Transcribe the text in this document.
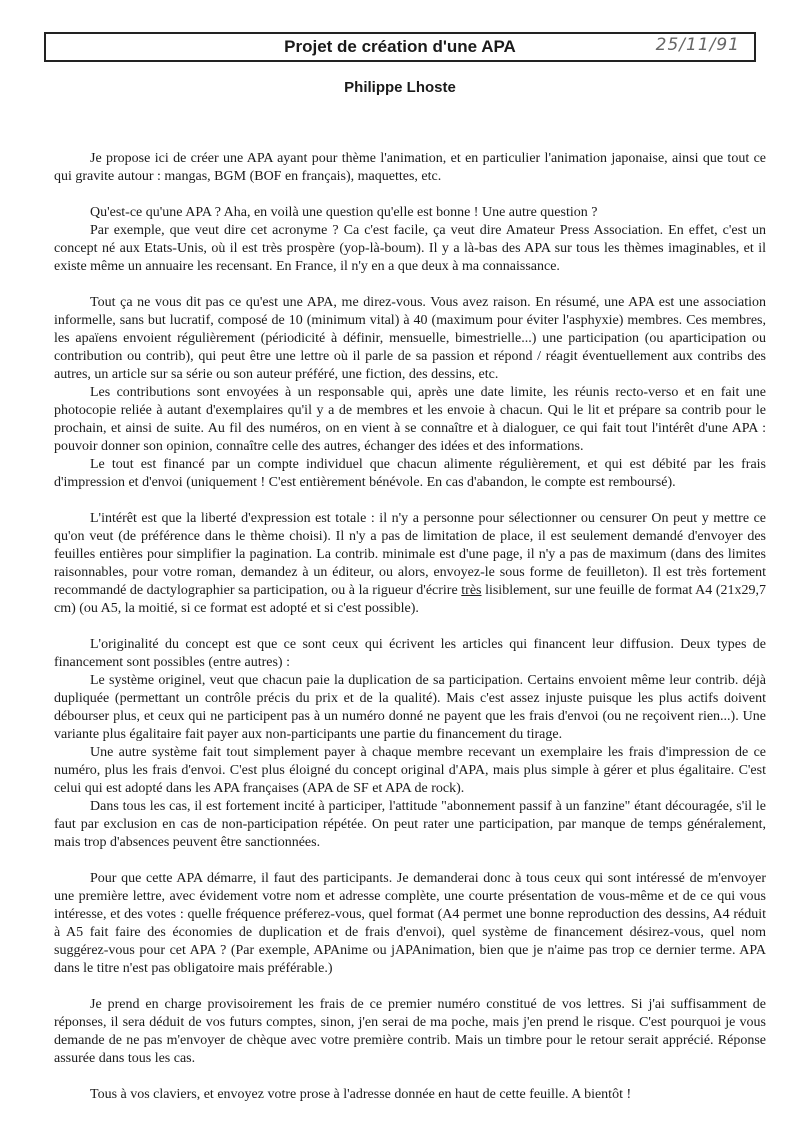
Projet de création d'une APA	25/11/91
Philippe Lhoste

Je propose ici de créer une APA ayant pour thème l'animation, et en particulier l'animation japonaise, ainsi que tout ce qui gravite autour : mangas, BGM (BOF en français), maquettes, etc.

Qu'est-ce qu'une APA ? Aha, en voilà une question qu'elle est bonne ! Une autre question ?

Par exemple, que veut dire cet acronyme ? Ca c'est facile, ça veut dire Amateur Press Association. En effet, c'est un concept né aux Etats-Unis, où il est très prospère (yop-là-boum). Il y a là-bas des APA sur tous les thèmes imaginables, et il existe même un annuaire les recensant. En France, il n'y en a que deux à ma connaissance.

Tout ça ne vous dit pas ce qu'est une APA, me direz-vous. Vous avez raison. En résumé, une APA est une association informelle, sans but lucratif, composé de 10 (minimum vital) à 40 (maximum pour éviter l'asphyxie) membres. Ces membres, les apaïens envoient régulièrement (périodicité à définir, mensuelle, bimestrielle...) une participation (ou aparticipation ou contribution ou contrib), qui peut être une lettre où il parle de sa passion et répond / réagit éventuellement aux contribs des autres, un article sur sa série ou son auteur préféré, une fiction, des dessins, etc.

Les contributions sont envoyées à un responsable qui, après une date limite, les réunis recto-verso et en fait une photocopie reliée à autant d'exemplaires qu'il y a de membres et les envoie à chacun. Qui le lit et prépare sa contrib pour le prochain, et ainsi de suite. Au fil des numéros, on en vient à se connaître et à dialoguer, ce qui fait tout l'intérêt d'une APA : pouvoir donner son opinion, connaître celle des autres, échanger des idées et des informations.

Le tout est financé par un compte individuel que chacun alimente régulièrement, et qui est débité par les frais d'impression et d'envoi (uniquement ! C'est entièrement bénévole. En cas d'abandon, le compte est remboursé).

L'intérêt est que la liberté d'expression est totale : il n'y a personne pour sélectionner ou censurer On peut y mettre ce qu'on veut (de préférence dans le thème choisi). Il n'y a pas de limitation de place, il est seulement demandé d'envoyer des feuilles entières pour simplifier la pagination. La contrib. minimale est d'une page, il n'y a pas de maximum (dans des limites raisonnables, pour votre roman, demandez à un éditeur, ou alors, envoyez-le sous forme de feuilleton). Il est très fortement recommandé de dactylographier sa participation, ou à la rigueur d'écrire très lisiblement, sur une feuille de format A4 (21x29,7 cm) (ou A5, la moitié, si ce format est adopté et si c'est possible).

L'originalité du concept est que ce sont ceux qui écrivent les articles qui financent leur diffusion. Deux types de financement sont possibles (entre autres) :

Le système originel, veut que chacun paie la duplication de sa participation. Certains envoient même leur contrib. déjà dupliquée (permettant un contrôle précis du prix et de la qualité). Mais c'est assez injuste puisque les plus actifs doivent débourser plus, et ceux qui ne participent pas à un numéro donné ne payent que les frais d'envoi (ou ne reçoivent rien...). Une variante plus égalitaire fait payer aux non-participants une partie du financement du tirage.

Une autre système fait tout simplement payer à chaque membre recevant un exemplaire les frais d'impression de ce numéro, plus les frais d'envoi. C'est plus éloigné du concept original d'APA, mais plus simple à gérer et plus égalitaire. C'est celui qui est adopté dans les APA françaises (APA de SF et APA de rock).

Dans tous les cas, il est fortement incité à participer, l'attitude "abonnement passif à un fanzine" étant découragée, s'il le faut par exclusion en cas de non-participation répétée. On peut rater une participation, par manque de temps généralement, mais trop d'absences peuvent être sanctionnées.

Pour que cette APA démarre, il faut des participants. Je demanderai donc à tous ceux qui sont intéressé de m'envoyer une première lettre, avec évidement votre nom et adresse complète, une courte présentation de vous-même et de ce qui vous intéresse, et des votes : quelle fréquence préferez-vous, quel format (A4 permet une bonne reproduction des dessins, A4 réduit à A5 fait faire des économies de duplication et de frais d'envoi), quel système de financement désirez-vous, quel nom suggérez-vous pour cet APA ? (Par exemple, APAnime ou jAPAnimation, bien que je n'aime pas trop ce dernier terme. APA dans le titre n'est pas obligatoire mais préférable.)

Je prend en charge provisoirement les frais de ce premier numéro constitué de vos lettres. Si j'ai suffisamment de réponses, il sera déduit de vos futurs comptes, sinon, j'en serai de ma poche, mais j'en prend le risque. C'est pourquoi je vous demande de ne pas m'envoyer de chèque avec votre première contrib. Mais un timbre pour le retour serait apprécié. Réponse assurée dans tous les cas.

Tous à vos claviers, et envoyez votre prose à l'adresse donnée en haut de cette feuille. A bientôt !
